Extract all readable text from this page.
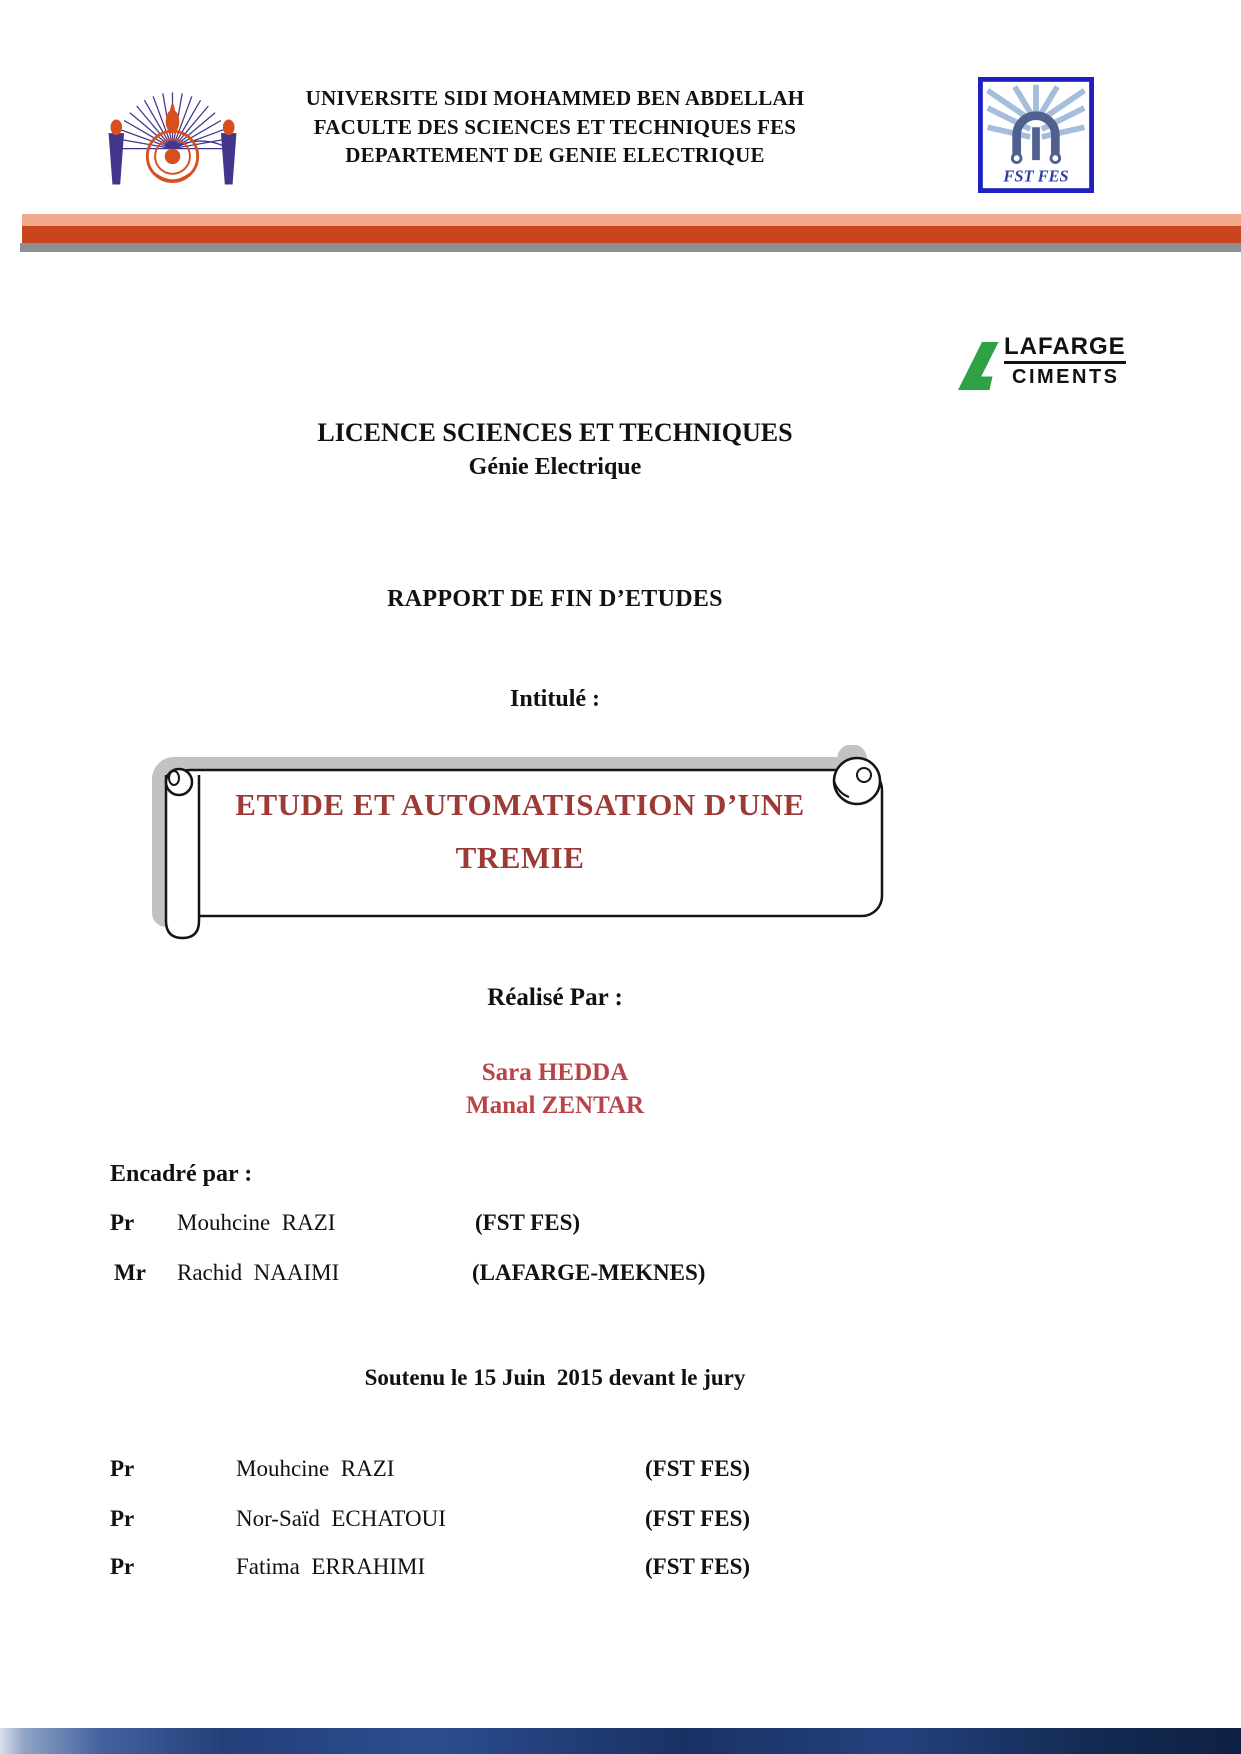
UNIVERSITE SIDI MOHAMMED BEN ABDELLAH
FACULTE DES SCIENCES ET TECHNIQUES FES
DEPARTEMENT DE GENIE ELECTRIQUE
FST FES
LAFARGE
CIMENTS
LICENCE SCIENCES ET TECHNIQUES
Génie Electrique
RAPPORT DE FIN D’ETUDES
Intitulé :
ETUDE ET AUTOMATISATION D’UNE
TREMIE
Réalisé Par :
Sara HEDDA
Manal ZENTAR
Encadré par :
Pr Mouhcine  RAZI	(FST FES)
Mr Rachid  NAAIMI	(LAFARGE-MEKNES)
Soutenu le 15 Juin  2015 devant le jury
Pr	Mouhcine  RAZI	(FST FES)
Pr	Nor-Saïd  ECHATOUI	(FST FES)
Pr	Fatima  ERRAHIMI	(FST FES)
